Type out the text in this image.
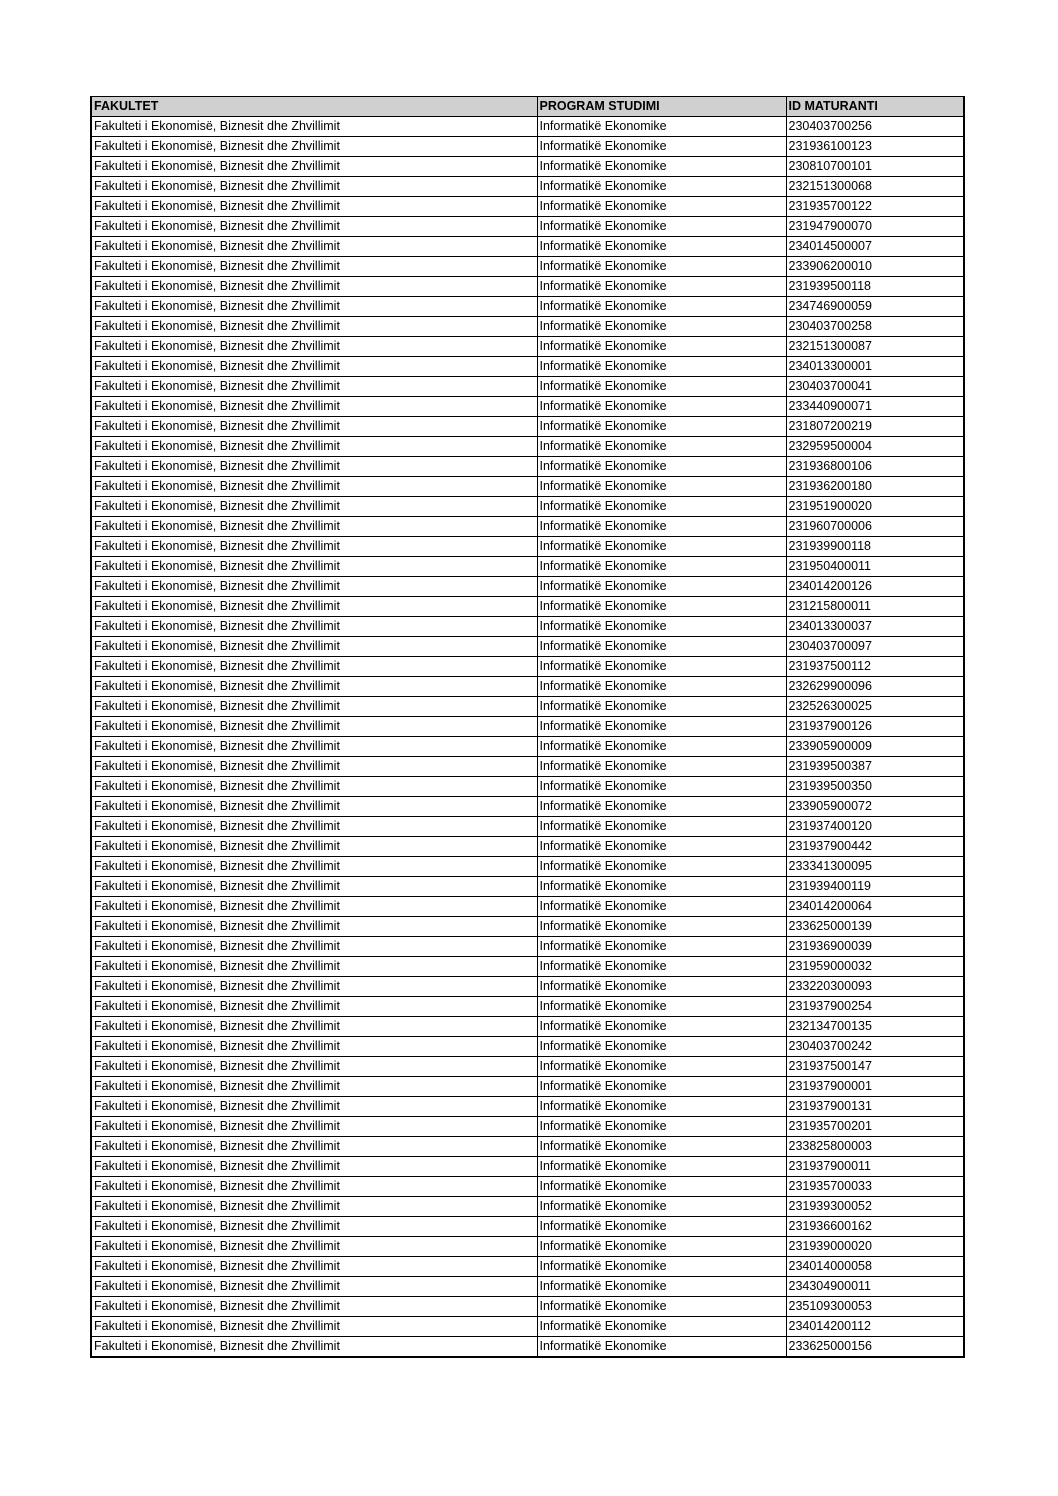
FAKULTET	PROGRAM STUDIMI	ID MATURANTI
Fakulteti i Ekonomisë, Biznesit dhe Zhvillimit	Informatikë Ekonomike	230403700256
Fakulteti i Ekonomisë, Biznesit dhe Zhvillimit	Informatikë Ekonomike	231936100123
Fakulteti i Ekonomisë, Biznesit dhe Zhvillimit	Informatikë Ekonomike	230810700101
Fakulteti i Ekonomisë, Biznesit dhe Zhvillimit	Informatikë Ekonomike	232151300068
Fakulteti i Ekonomisë, Biznesit dhe Zhvillimit	Informatikë Ekonomike	231935700122
Fakulteti i Ekonomisë, Biznesit dhe Zhvillimit	Informatikë Ekonomike	231947900070
Fakulteti i Ekonomisë, Biznesit dhe Zhvillimit	Informatikë Ekonomike	234014500007
Fakulteti i Ekonomisë, Biznesit dhe Zhvillimit	Informatikë Ekonomike	233906200010
Fakulteti i Ekonomisë, Biznesit dhe Zhvillimit	Informatikë Ekonomike	231939500118
Fakulteti i Ekonomisë, Biznesit dhe Zhvillimit	Informatikë Ekonomike	234746900059
Fakulteti i Ekonomisë, Biznesit dhe Zhvillimit	Informatikë Ekonomike	230403700258
Fakulteti i Ekonomisë, Biznesit dhe Zhvillimit	Informatikë Ekonomike	232151300087
Fakulteti i Ekonomisë, Biznesit dhe Zhvillimit	Informatikë Ekonomike	234013300001
Fakulteti i Ekonomisë, Biznesit dhe Zhvillimit	Informatikë Ekonomike	230403700041
Fakulteti i Ekonomisë, Biznesit dhe Zhvillimit	Informatikë Ekonomike	233440900071
Fakulteti i Ekonomisë, Biznesit dhe Zhvillimit	Informatikë Ekonomike	231807200219
Fakulteti i Ekonomisë, Biznesit dhe Zhvillimit	Informatikë Ekonomike	232959500004
Fakulteti i Ekonomisë, Biznesit dhe Zhvillimit	Informatikë Ekonomike	231936800106
Fakulteti i Ekonomisë, Biznesit dhe Zhvillimit	Informatikë Ekonomike	231936200180
Fakulteti i Ekonomisë, Biznesit dhe Zhvillimit	Informatikë Ekonomike	231951900020
Fakulteti i Ekonomisë, Biznesit dhe Zhvillimit	Informatikë Ekonomike	231960700006
Fakulteti i Ekonomisë, Biznesit dhe Zhvillimit	Informatikë Ekonomike	231939900118
Fakulteti i Ekonomisë, Biznesit dhe Zhvillimit	Informatikë Ekonomike	231950400011
Fakulteti i Ekonomisë, Biznesit dhe Zhvillimit	Informatikë Ekonomike	234014200126
Fakulteti i Ekonomisë, Biznesit dhe Zhvillimit	Informatikë Ekonomike	231215800011
Fakulteti i Ekonomisë, Biznesit dhe Zhvillimit	Informatikë Ekonomike	234013300037
Fakulteti i Ekonomisë, Biznesit dhe Zhvillimit	Informatikë Ekonomike	230403700097
Fakulteti i Ekonomisë, Biznesit dhe Zhvillimit	Informatikë Ekonomike	231937500112
Fakulteti i Ekonomisë, Biznesit dhe Zhvillimit	Informatikë Ekonomike	232629900096
Fakulteti i Ekonomisë, Biznesit dhe Zhvillimit	Informatikë Ekonomike	232526300025
Fakulteti i Ekonomisë, Biznesit dhe Zhvillimit	Informatikë Ekonomike	231937900126
Fakulteti i Ekonomisë, Biznesit dhe Zhvillimit	Informatikë Ekonomike	233905900009
Fakulteti i Ekonomisë, Biznesit dhe Zhvillimit	Informatikë Ekonomike	231939500387
Fakulteti i Ekonomisë, Biznesit dhe Zhvillimit	Informatikë Ekonomike	231939500350
Fakulteti i Ekonomisë, Biznesit dhe Zhvillimit	Informatikë Ekonomike	233905900072
Fakulteti i Ekonomisë, Biznesit dhe Zhvillimit	Informatikë Ekonomike	231937400120
Fakulteti i Ekonomisë, Biznesit dhe Zhvillimit	Informatikë Ekonomike	231937900442
Fakulteti i Ekonomisë, Biznesit dhe Zhvillimit	Informatikë Ekonomike	233341300095
Fakulteti i Ekonomisë, Biznesit dhe Zhvillimit	Informatikë Ekonomike	231939400119
Fakulteti i Ekonomisë, Biznesit dhe Zhvillimit	Informatikë Ekonomike	234014200064
Fakulteti i Ekonomisë, Biznesit dhe Zhvillimit	Informatikë Ekonomike	233625000139
Fakulteti i Ekonomisë, Biznesit dhe Zhvillimit	Informatikë Ekonomike	231936900039
Fakulteti i Ekonomisë, Biznesit dhe Zhvillimit	Informatikë Ekonomike	231959000032
Fakulteti i Ekonomisë, Biznesit dhe Zhvillimit	Informatikë Ekonomike	233220300093
Fakulteti i Ekonomisë, Biznesit dhe Zhvillimit	Informatikë Ekonomike	231937900254
Fakulteti i Ekonomisë, Biznesit dhe Zhvillimit	Informatikë Ekonomike	232134700135
Fakulteti i Ekonomisë, Biznesit dhe Zhvillimit	Informatikë Ekonomike	230403700242
Fakulteti i Ekonomisë, Biznesit dhe Zhvillimit	Informatikë Ekonomike	231937500147
Fakulteti i Ekonomisë, Biznesit dhe Zhvillimit	Informatikë Ekonomike	231937900001
Fakulteti i Ekonomisë, Biznesit dhe Zhvillimit	Informatikë Ekonomike	231937900131
Fakulteti i Ekonomisë, Biznesit dhe Zhvillimit	Informatikë Ekonomike	231935700201
Fakulteti i Ekonomisë, Biznesit dhe Zhvillimit	Informatikë Ekonomike	233825800003
Fakulteti i Ekonomisë, Biznesit dhe Zhvillimit	Informatikë Ekonomike	231937900011
Fakulteti i Ekonomisë, Biznesit dhe Zhvillimit	Informatikë Ekonomike	231935700033
Fakulteti i Ekonomisë, Biznesit dhe Zhvillimit	Informatikë Ekonomike	231939300052
Fakulteti i Ekonomisë, Biznesit dhe Zhvillimit	Informatikë Ekonomike	231936600162
Fakulteti i Ekonomisë, Biznesit dhe Zhvillimit	Informatikë Ekonomike	231939000020
Fakulteti i Ekonomisë, Biznesit dhe Zhvillimit	Informatikë Ekonomike	234014000058
Fakulteti i Ekonomisë, Biznesit dhe Zhvillimit	Informatikë Ekonomike	234304900011
Fakulteti i Ekonomisë, Biznesit dhe Zhvillimit	Informatikë Ekonomike	235109300053
Fakulteti i Ekonomisë, Biznesit dhe Zhvillimit	Informatikë Ekonomike	234014200112
Fakulteti i Ekonomisë, Biznesit dhe Zhvillimit	Informatikë Ekonomike	233625000156
